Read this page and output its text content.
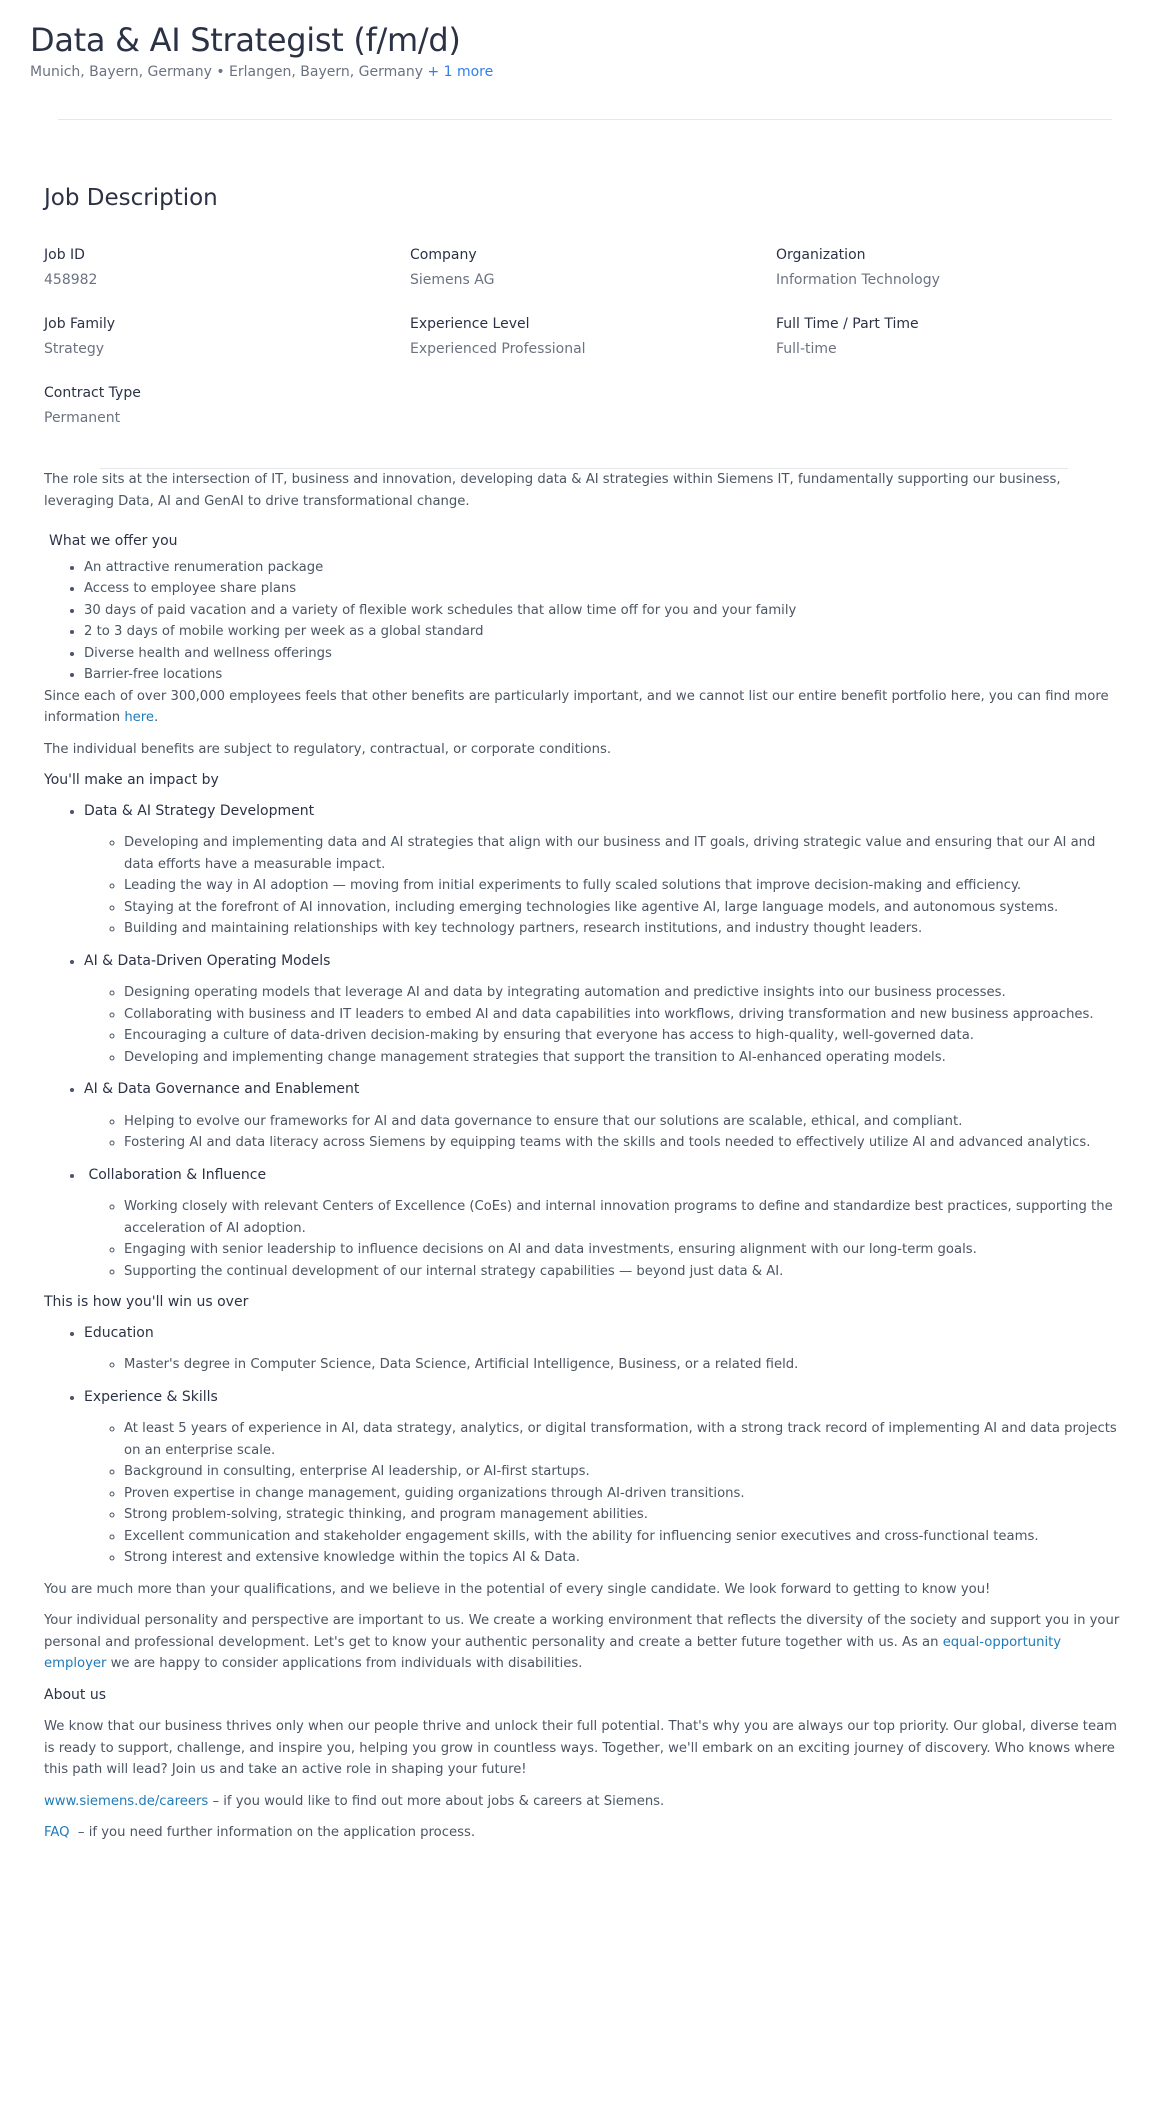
Data & AI Strategist (f/m/d)
Munich, Bayern, Germany • Erlangen, Bayern, Germany + 1 more
Job Description
Job ID
458982
Company
Siemens AG
Organization
Information Technology
Job Family
Strategy
Experience Level
Experienced Professional
Full Time / Part Time
Full-time
Contract Type
Permanent

The role sits at the intersection of IT, business and innovation, developing data & AI strategies within Siemens IT, fundamentally supporting our business, leveraging Data, AI and GenAI to drive transformational change.

What we offer you
• An attractive renumeration package
• Access to employee share plans
• 30 days of paid vacation and a variety of flexible work schedules that allow time off for you and your family
• 2 to 3 days of mobile working per week as a global standard
• Diverse health and wellness offerings
• Barrier-free locations

Since each of over 300,000 employees feels that other benefits are particularly important, and we cannot list our entire benefit portfolio here, you can find more information here.

The individual benefits are subject to regulatory, contractual, or corporate conditions.

You'll make an impact by
• Data & AI Strategy Development
◦ Developing and implementing data and AI strategies that align with our business and IT goals, driving strategic value and ensuring that our AI and data efforts have a measurable impact.
◦ Leading the way in AI adoption — moving from initial experiments to fully scaled solutions that improve decision-making and efficiency.
◦ Staying at the forefront of AI innovation, including emerging technologies like agentive AI, large language models, and autonomous systems.
◦ Building and maintaining relationships with key technology partners, research institutions, and industry thought leaders.
• AI & Data-Driven Operating Models
◦ Designing operating models that leverage AI and data by integrating automation and predictive insights into our business processes.
◦ Collaborating with business and IT leaders to embed AI and data capabilities into workflows, driving transformation and new business approaches.
◦ Encouraging a culture of data-driven decision-making by ensuring that everyone has access to high-quality, well-governed data.
◦ Developing and implementing change management strategies that support the transition to AI-enhanced operating models.
• AI & Data Governance and Enablement
◦ Helping to evolve our frameworks for AI and data governance to ensure that our solutions are scalable, ethical, and compliant.
◦ Fostering AI and data literacy across Siemens by equipping teams with the skills and tools needed to effectively utilize AI and advanced analytics.
•  Collaboration & Influence
◦ Working closely with relevant Centers of Excellence (CoEs) and internal innovation programs to define and standardize best practices, supporting the acceleration of AI adoption.
◦ Engaging with senior leadership to influence decisions on AI and data investments, ensuring alignment with our long-term goals.
◦ Supporting the continual development of our internal strategy capabilities — beyond just data & AI.
This is how you'll win us over
• Education
◦ Master's degree in Computer Science, Data Science, Artificial Intelligence, Business, or a related field.
• Experience & Skills
◦ At least 5 years of experience in AI, data strategy, analytics, or digital transformation, with a strong track record of implementing AI and data projects on an enterprise scale.
◦ Background in consulting, enterprise AI leadership, or AI-first startups.
◦ Proven expertise in change management, guiding organizations through AI-driven transitions.
◦ Strong problem-solving, strategic thinking, and program management abilities.
◦ Excellent communication and stakeholder engagement skills, with the ability for influencing senior executives and cross-functional teams.
◦ Strong interest and extensive knowledge within the topics AI & Data.

You are much more than your qualifications, and we believe in the potential of every single candidate. We look forward to getting to know you!

Your individual personality and perspective are important to us. We create a working environment that reflects the diversity of the society and support you in your personal and professional development. Let's get to know your authentic personality and create a better future together with us. As an equal-opportunity employer we are happy to consider applications from individuals with disabilities.

About us

We know that our business thrives only when our people thrive and unlock their full potential. That's why you are always our top priority. Our global, diverse team is ready to support, challenge, and inspire you, helping you grow in countless ways. Together, we'll embark on an exciting journey of discovery. Who knows where this path will lead? Join us and take an active role in shaping your future!

www.siemens.de/careers – if you would like to find out more about jobs & careers at Siemens.

FAQ  – if you need further information on the application process.
